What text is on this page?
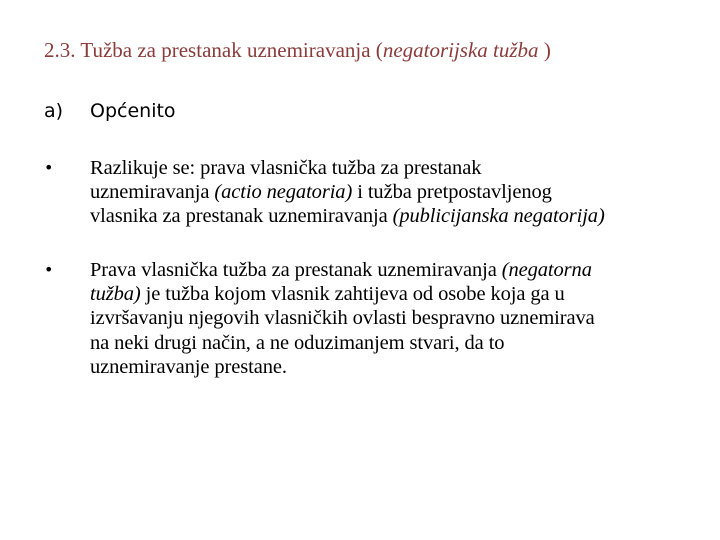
2.3. Tužba za prestanak uznemiravanja (negatorijska tužba )
a) Općenito
• Razlikuje se: prava vlasnička tužba za prestanak
uznemiravanja (actio negatoria) i tužba pretpostavljenog
vlasnika za prestanak uznemiravanja (publicijanska negatorija)
• Prava vlasnička tužba za prestanak uznemiravanja (negatorna
tužba) je tužba kojom vlasnik zahtijeva od osobe koja ga u
izvršavanju njegovih vlasničkih ovlasti bespravno uznemirava
na neki drugi način, a ne oduzimanjem stvari, da to
uznemiravanje prestane.
